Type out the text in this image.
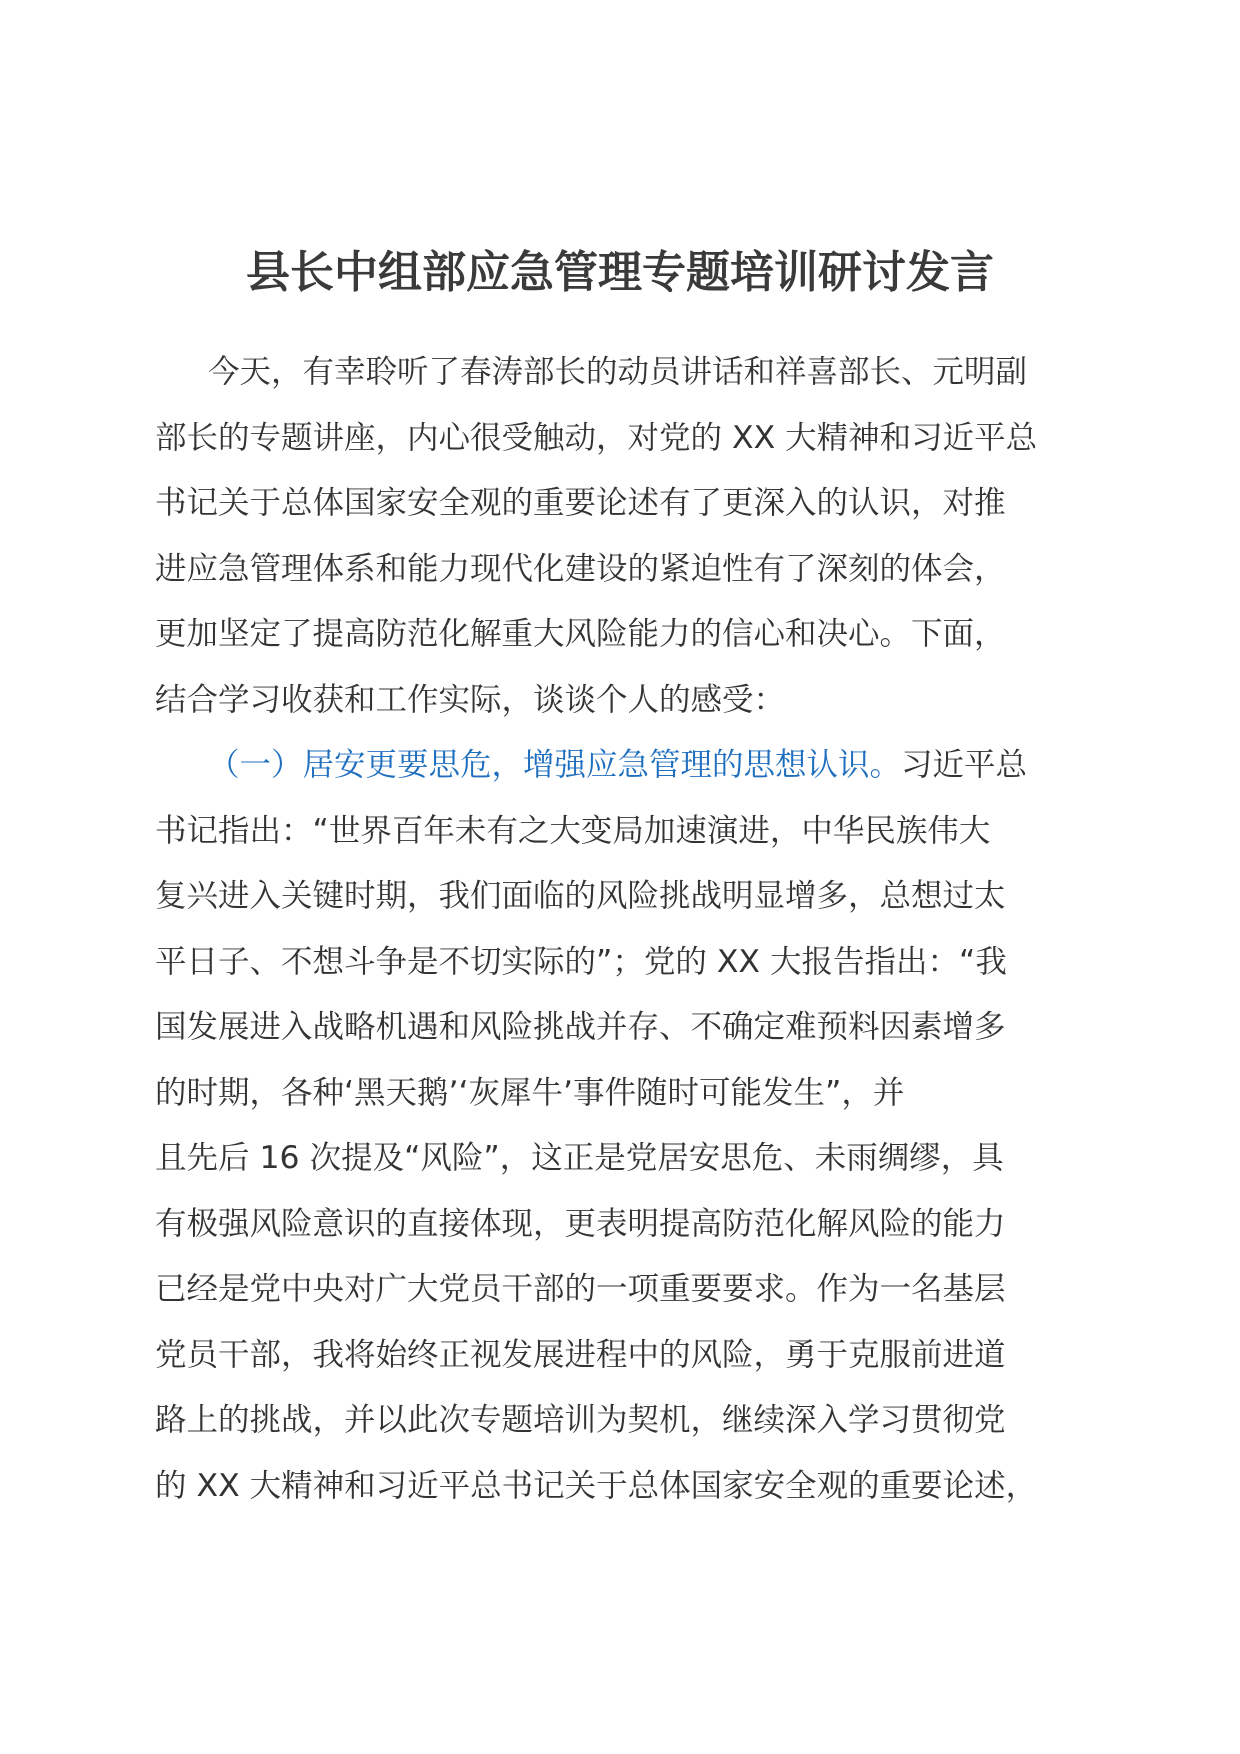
县长中组部应急管理专题培训研讨发言
今天，有幸聆听了春涛部长的动员讲话和祥喜部长、元明副
部长的专题讲座，内心很受触动，对党的 XX 大精神和习近平总
书记关于总体国家安全观的重要论述有了更深入的认识，对推
进应急管理体系和能力现代化建设的紧迫性有了深刻的体会，
更加坚定了提高防范化解重大风险能力的信心和决心。下面，
结合学习收获和工作实际，谈谈个人的感受：
（一）居安更要思危，增强应急管理的思想认识。习近平总
书记指出：“世界百年未有之大变局加速演进，中华民族伟大
复兴进入关键时期，我们面临的风险挑战明显增多，总想过太
平日子、不想斗争是不切实际的”；党的 XX 大报告指出：“我
国发展进入战略机遇和风险挑战并存、不确定难预料因素增多
的时期，各种‘黑天鹅’‘灰犀牛’事件随时可能发生”，并
且先后 16 次提及“风险”，这正是党居安思危、未雨绸缪，具
有极强风险意识的直接体现，更表明提高防范化解风险的能力
已经是党中央对广大党员干部的一项重要要求。作为一名基层
党员干部，我将始终正视发展进程中的风险，勇于克服前进道
路上的挑战，并以此次专题培训为契机，继续深入学习贯彻党
的 XX 大精神和习近平总书记关于总体国家安全观的重要论述，
